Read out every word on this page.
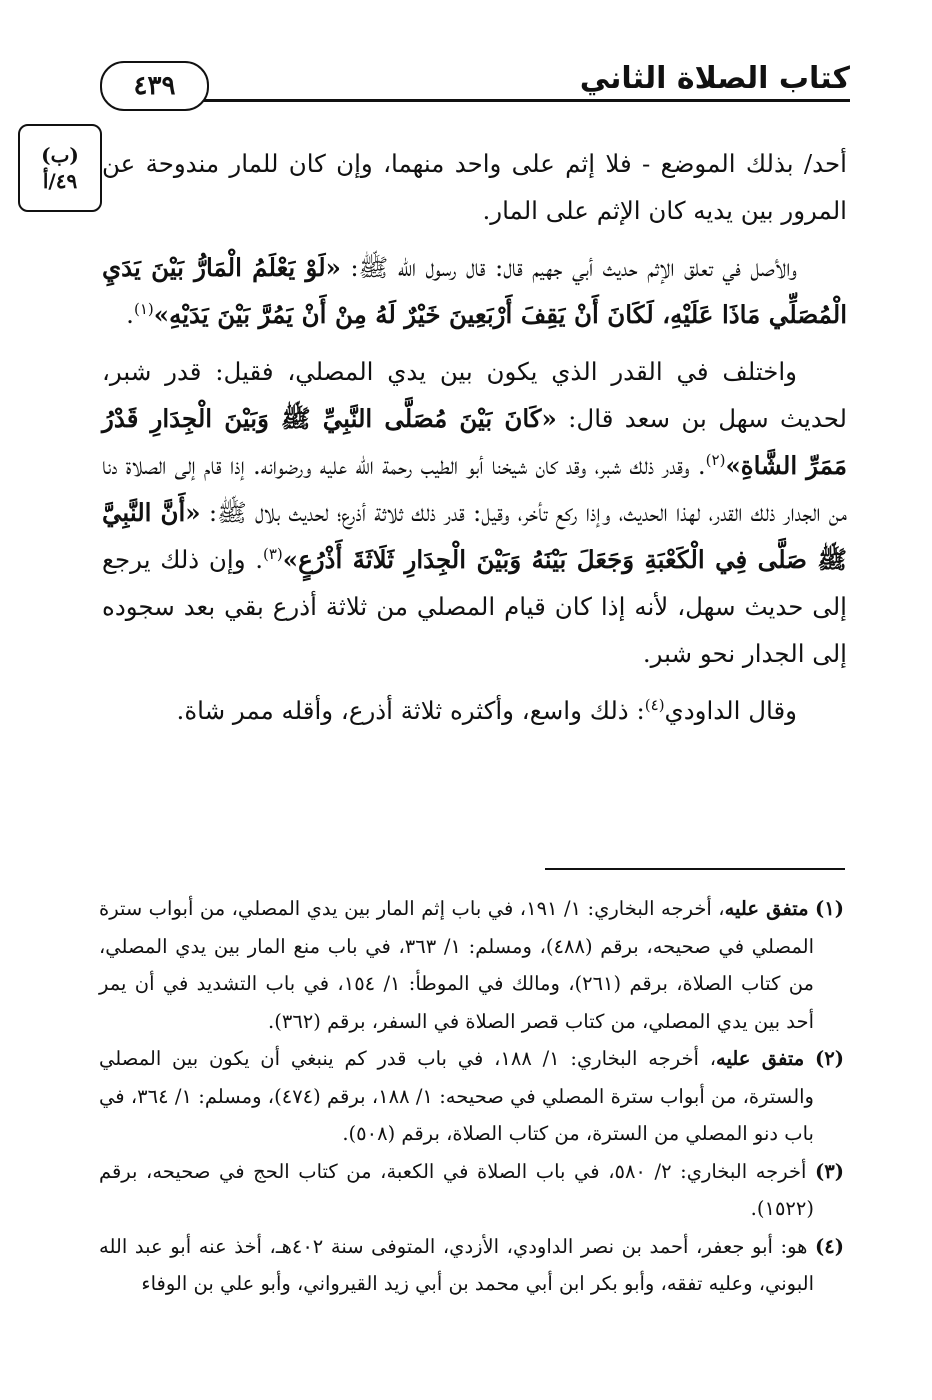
٤٣٩	كتاب الصلاة الثاني
(ب)
٤٩/أ

أحد/ بذلك الموضع - فلا إثم على واحد منهما، وإن كان للمار مندوحة عن المرور بين يديه كان الإثم على المار.

والأصل في تعلق الإثم حديث أبي جهيم قال: قال رسول الله ﷺ: «لَوْ يَعْلَمُ الْمَارُّ بَيْنَ يَدَيِ الْمُصَلِّي مَاذَا عَلَيْهِ، لَكَانَ أَنْ يَقِفَ أَرْبَعِينَ خَيْرٌ لَهُ مِنْ أَنْ يَمُرَّ بَيْنَ يَدَيْهِ»$^{(١)}$.

واختلف في القدر الذي يكون بين يدي المصلي، فقيل: قدر شبر، لحديث سهل بن سعد قال: «كَانَ بَيْنَ مُصَلَّى النَّبِيِّ ﷺ وَبَيْنَ الْجِدَارِ قَدْرُ مَمَرِّ الشَّاةِ»$^{(٢)}$. وقدر ذلك شبر، وقد كان شيخنا أبو الطيب رحمة الله عليه ورضوانه. إذا قام إلى الصلاة دنا من الجدار ذلك القدر، لهذا الحديث، وإذا ركع تأخر، وقيل: قدر ذلك ثلاثة أذرع؛ لحديث بلال ﷺ: «أَنَّ النَّبِيَّ ﷺ صَلَّى فِي الْكَعْبَةِ وَجَعَلَ بَيْنَهُ وَبَيْنَ الْجِدَارِ ثَلَاثَةَ أَذْرُعٍ»$^{(٣)}$. وإن ذلك يرجع إلى حديث سهل، لأنه إذا كان قيام المصلي من ثلاثة أذرع بقي بعد سجوده إلى الجدار نحو شبر.

وقال الداودي$^{(٤)}$: ذلك واسع، وأكثره ثلاثة أذرع، وأقله ممر شاة.

(١) متفق عليه، أخرجه البخاري: ١/ ١٩١، في باب إثم المار بين يدي المصلي، من أبواب سترة المصلي في صحيحه، برقم (٤٨٨)، ومسلم: ١/ ٣٦٣، في باب منع المار بين يدي المصلي، من كتاب الصلاة، برقم (٢٦١)، ومالك في الموطأ: ١/ ١٥٤، في باب التشديد في أن يمر أحد بين يدي المصلي، من كتاب قصر الصلاة في السفر، برقم (٣٦٢).

(٢) متفق عليه، أخرجه البخاري: ١/ ١٨٨، في باب قدر كم ينبغي أن يكون بين المصلي والسترة، من أبواب سترة المصلي في صحيحه: ١/ ١٨٨، برقم (٤٧٤)، ومسلم: ١/ ٣٦٤، في باب دنو المصلي من السترة، من كتاب الصلاة، برقم (٥٠٨).

(٣) أخرجه البخاري: ٢/ ٥٨٠، في باب الصلاة في الكعبة، من كتاب الحج في صحيحه، برقم (١٥٢٢).

(٤) هو: أبو جعفر، أحمد بن نصر الداودي، الأزدي، المتوفى سنة ٤٠٢هـ، أخذ عنه أبو عبد الله البوني، وعليه تفقه، وأبو بكر ابن أبي محمد بن أبي زيد القيرواني، وأبو علي بن الوفاء
